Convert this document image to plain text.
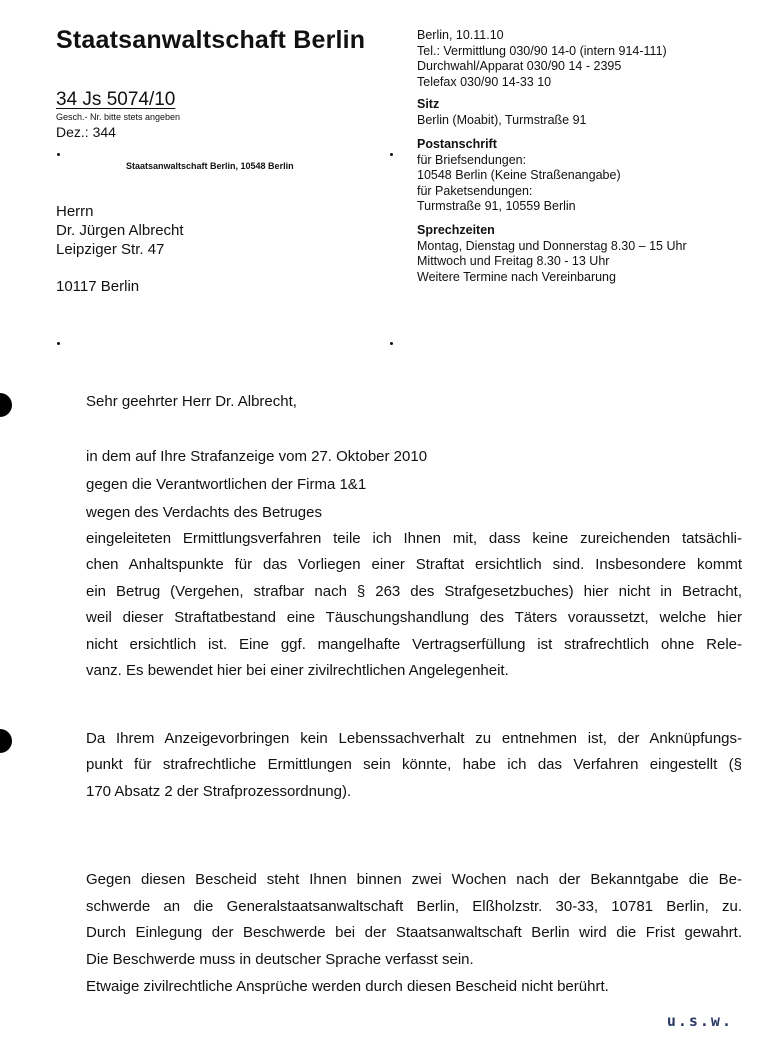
Staatsanwaltschaft Berlin
34 Js 5074/10
Gesch.- Nr. bitte stets angeben
Dez.: 344
Staatsanwaltschaft Berlin, 10548 Berlin
Herrn
Dr. Jürgen Albrecht
Leipziger Str. 47
10117 Berlin
Berlin, 10.11.10
Tel.: Vermittlung 030/90 14-0 (intern 914-111)
Durchwahl/Apparat 030/90 14 - 2395
Telefax 030/90 14-33 10
Sitz
Berlin (Moabit), Turmstraße 91
Postanschrift
für Briefsendungen:
10548 Berlin (Keine Straßenangabe)
für Paketsendungen:
Turmstraße 91, 10559 Berlin
Sprechzeiten
Montag, Dienstag und Donnerstag 8.30 – 15 Uhr
Mittwoch und Freitag 8.30 - 13 Uhr
Weitere Termine nach Vereinbarung
Sehr geehrter Herr Dr. Albrecht,
in dem auf Ihre Strafanzeige vom 27. Oktober 2010
gegen die Verantwortlichen der Firma 1&1
wegen des Verdachts des Betruges
eingeleiteten Ermittlungsverfahren teile ich Ihnen mit, dass keine zureichenden tatsächli-
chen Anhaltspunkte für das Vorliegen einer Straftat ersichtlich sind. Insbesondere kommt
ein Betrug (Vergehen, strafbar nach § 263 des Strafgesetzbuches) hier nicht in Betracht,
weil dieser Straftatbestand eine Täuschungshandlung des Täters voraussetzt, welche hier
nicht ersichtlich ist. Eine ggf. mangelhafte Vertragserfüllung ist strafrechtlich ohne Rele-
vanz. Es bewendet hier bei einer zivilrechtlichen Angelegenheit.
Da Ihrem Anzeigevorbringen kein Lebenssachverhalt zu entnehmen ist, der Anknüpfungs-
punkt für strafrechtliche Ermittlungen sein könnte, habe ich das Verfahren eingestellt (§
170 Absatz 2 der Strafprozessordnung).
Gegen diesen Bescheid steht Ihnen binnen zwei Wochen nach der Bekanntgabe die Be-
schwerde an die Generalstaatsanwaltschaft Berlin, Elßholzstr. 30-33, 10781 Berlin, zu.
Durch Einlegung der Beschwerde bei der Staatsanwaltschaft Berlin wird die Frist gewahrt.
Die Beschwerde muss in deutscher Sprache verfasst sein.
Etwaige zivilrechtliche Ansprüche werden durch diesen Bescheid nicht berührt.
u.s.w.
